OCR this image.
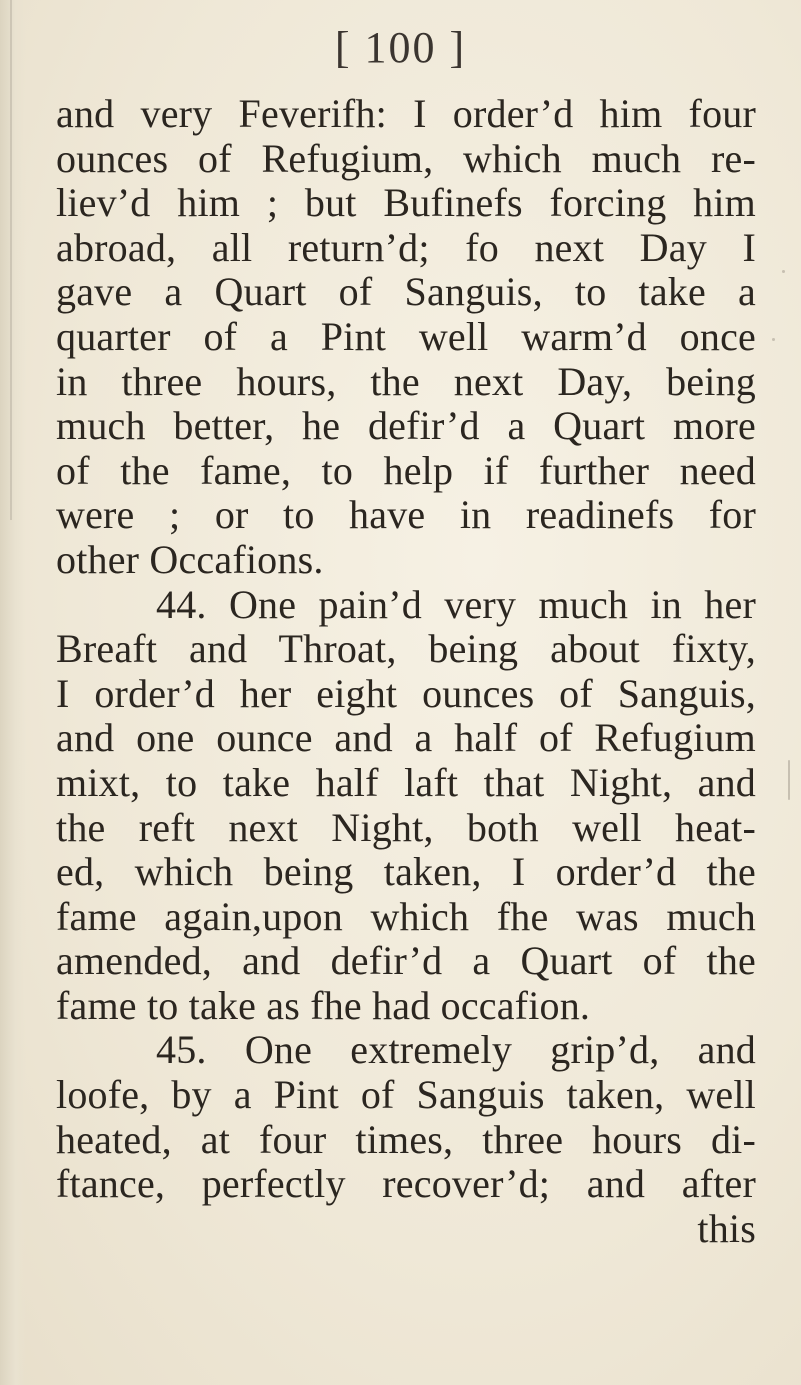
[ 100 ]
and very Feverifh: I order’d him four
ounces of Refugium, which much re-
liev’d him ; but Bufinefs forcing him
abroad, all return’d; fo next Day I
gave a Quart of Sanguis, to take a
quarter of a Pint well warm’d once
in three hours, the next Day, being
much better, he defir’d a Quart more
of the fame, to help if further need
were ; or to have in readinefs for
other Occafions.
44. One pain’d very much in her
Breaft and Throat, being about fixty,
I order’d her eight ounces of Sanguis,
and one ounce and a half of Refugium
mixt, to take half laft that Night, and
the reft next Night, both well heat-
ed, which being taken, I order’d the
fame again,upon which fhe was much
amended, and defir’d a Quart of the
fame to take as fhe had occafion.
45. One extremely grip’d, and
loofe, by a Pint of Sanguis taken, well
heated, at four times, three hours di-
ftance, perfectly recover’d; and after
this
